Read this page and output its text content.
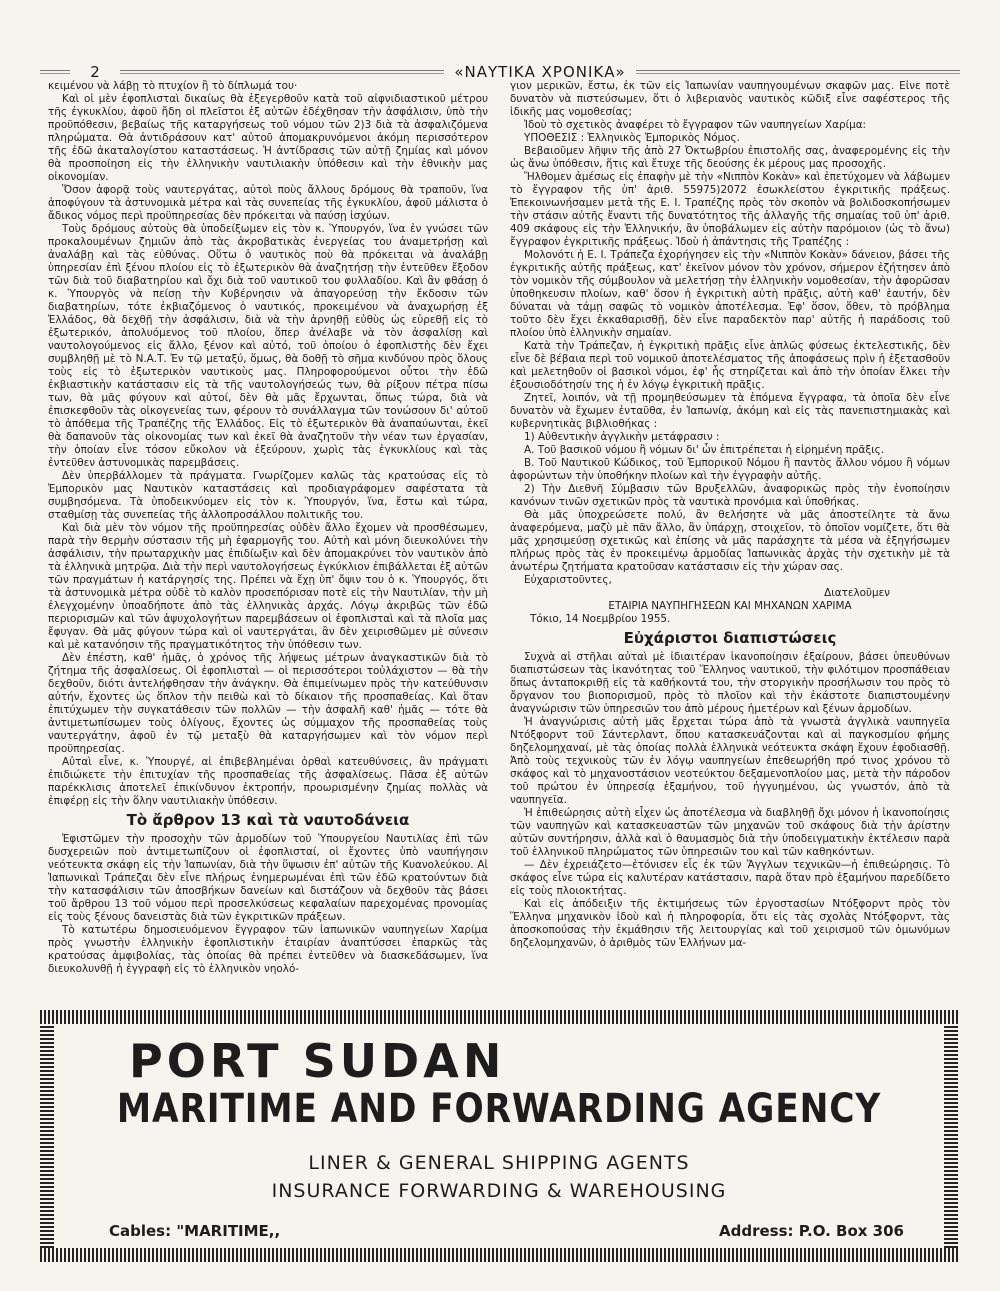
2	«ΝΑΥΤΙΚΑ ΧΡΟΝΙΚΑ»

κειμένου νὰ λάβῃ τὸ πτυχίον ἢ τὸ δίπλωμά του·

Καὶ οἱ μὲν ἐφοπλισταὶ δικαίως θὰ ἐξεγερθοῦν κατὰ τοῦ αἰφνιδιαστικοῦ μέτρου τῆς ἐγκυκλίου, ἀφοῦ ἤδη οἱ πλεῖστοι ἐξ αὐτῶν ἐδέχθησαν τὴν ἀσφάλισιν, ὑπὸ τὴν προϋπόθεσιν, βεβαίως τῆς καταργήσεως τοῦ νόμου τῶν 2)3 διὰ τὰ ἀσφαλιζόμενα πληρώματα. Θὰ ἀντιδράσουν κατ' αὐτοῦ ἀπομακρυνόμενοι ἀκόμη περισσότερον τῆς ἐδῶ ἀκαταλογίστου καταστάσεως. Ἡ ἀντίδρασις τῶν αὐτῇ ζημίας καὶ μόνον θὰ προσποίηση εἰς τὴν ἑλληνικὴν ναυτιλιακὴν ὑπόθεσιν καὶ τὴν ἐθνικὴν μας οἰκονομίαν.

Ὅσον ἀφορᾷ τοὺς ναυτεργάτας, αὐτοὶ ποὺς ἄλλους δρόμους θὰ τραποῦν, ἵνα ἀποφύγουν τὰ ἀστυνομικὰ μέτρα καὶ τὰς συνεπείας τῆς ἐγκυκλίου, ἀφοῦ μάλιστα ὁ ἄδικος νόμος περὶ προϋπηρεσίας δὲν πρόκειται νὰ παύσῃ ἰσχύων.

Τοὺς δρόμους αὐτοὺς θὰ ὑποδείξωμεν εἰς τὸν κ. Ὑπουργόν, ἵνα ἐν γνώσει τῶν προκαλουμένων ζημιῶν ἀπὸ τὰς ἀκροβατικὰς ἐνεργείας του ἀναμετρήσῃ καὶ ἀναλάβῃ καὶ τὰς εὐθύνας. Οὕτω ὁ ναυτικὸς ποὺ θὰ πρόκειται νὰ ἀναλάβῃ ὑπηρεσίαν ἐπὶ ξένου πλοίου εἰς τὸ ἐξωτερικὸν θὰ ἀναζητήσῃ τὴν ἐντεῦθεν ἔξοδον τῶν διὰ τοῦ διαβατηρίου καὶ ὄχι διὰ τοῦ ναυτικοῦ του φυλλαδίου. Καὶ ἂν φθάσῃ ὁ κ. Ὑπουργὸς νὰ πείσῃ τὴν Κυβέρνησιν νὰ ἀπαγορεύσῃ τὴν ἔκδοσιν τῶν διαβατηρίων, τότε ἐκβιαζόμενος ὁ ναυτικός, προκειμένου νὰ ἀναχωρήσῃ ἐξ Ἑλλάδος, θὰ δεχθῇ τὴν ἀσφάλισιν, διὰ νὰ τὴν ἀρνηθῇ εὐθὺς ὡς εὑρεθῇ εἰς τὸ ἐξωτερικόν, ἀπολυόμενος τοῦ πλοίου, ὅπερ ἀνέλαβε νὰ τὸν ἀσφαλίσῃ καὶ ναυτολογούμενος εἰς ἄλλο, ξένον καὶ αὐτό, τοῦ ὁποίου ὁ ἐφοπλιστὴς δὲν ἔχει συμβληθῇ μὲ τὸ Ν.Α.Τ. Ἐν τῷ μεταξύ, ὅμως, θὰ δοθῇ τὸ σῆμα κινδύνου πρὸς ὅλους τοὺς εἰς τὸ ἐξωτερικὸν ναυτικοὺς μας. Πληροφορούμενοι οὗτοι τὴν ἐδῶ ἐκβιαστικὴν κατάστασιν εἰς τὰ τῆς ναυτολογήσεώς των, θὰ ρίξουν πέτρα πίσω των, θὰ μᾶς φύγουν καὶ αὐτοί, δὲν θὰ μᾶς ἔρχωνται, ὅπως τώρα, διὰ νὰ ἐπισκεφθοῦν τὰς οἰκογενείας των, φέρουν τὸ συνάλλαγμα τῶν τονώσουν δι' αὐτοῦ τὸ ἀπόθεμα τῆς Τραπέζης τῆς Ἑλλάδος. Εἰς τὸ ἐξωτερικὸν θὰ ἀναπαύωνται, ἐκεῖ θὰ δαπανοῦν τὰς οἰκονομίας των καὶ ἐκεῖ θὰ ἀναζητοῦν τὴν νέαν των ἐργασίαν, τὴν ὁποίαν εἶνε τόσον εὔκολον νὰ ἐξεύρουν, χωρὶς τὰς ἐγκυκλίους καὶ τὰς ἐντεῦθεν ἀστυνομικὰς παρεμβάσεις.

Δὲν ὑπερβάλλομεν τὰ πράγματα. Γνωρίζομεν καλῶς τὰς κρατούσας εἰς τὸ Ἐμπορικὸν μας Ναυτικὸν καταστάσεις καὶ προδιαγράφομεν σαφέστατα τὰ συμβησόμενα. Τὰ ὑποδεικνύομεν εἰς τὸν κ. Ὑπουργόν, ἵνα, ἔστω καὶ τώρα, σταθμίσῃ τὰς συνεπείας τῆς ἀλλοπροσάλλου πολιτικῆς του.

Καὶ διὰ μὲν τὸν νόμον τῆς προϋπηρεσίας οὐδὲν ἄλλο ἔχομεν νὰ προσθέσωμεν, παρὰ τὴν θερμὴν σύστασιν τῆς μὴ ἐφαρμογῆς του. Αὐτὴ καὶ μόνη διευκολύνει τὴν ἀσφάλισιν, τὴν πρωταρχικὴν μας ἐπιδίωξιν καὶ δὲν ἀπομακρύνει τὸν ναυτικὸν ἀπὸ τὰ ἑλληνικὰ μητρῷα. Διὰ τὴν περὶ ναυτολογήσεως ἐγκύκλιον ἐπιβάλλεται ἐξ αὐτῶν τῶν πραγμάτων ἡ κατάργησίς της. Πρέπει νὰ ἔχῃ ὑπ' ὄψιν του ὁ κ. Ὑπουργός, ὅτι τὰ ἀστυνομικὰ μέτρα οὐδὲ τὸ καλὸν προσεπόρισαν ποτὲ εἰς τὴν Ναυτιλίαν, τὴν μὴ ἐλεγχομένην ὑποαδήποτε ἀπὸ τὰς ἑλληνικὰς ἀρχάς. Λόγῳ ἀκριβῶς τῶν ἐδῶ περιορισμῶν καὶ τῶν ἀψυχολογήτων παρεμβάσεων οἱ ἐφοπλισταὶ καὶ τὰ πλοῖα μας ἔφυγαν. Θὰ μᾶς φύγουν τώρα καὶ οἱ ναυτεργάται, ἂν δὲν χειρισθῶμεν μὲ σύνεσιν καὶ μὲ κατανόησιν τῆς πραγματικότητος τὴν ὑπόθεσιν των.

Δὲν ἐπέστη, καθ' ἡμᾶς, ὁ χρόνος τῆς λήψεως μέτρων ἀναγκαστικῶν διὰ τὸ ζήτημα τῆς ἀσφαλίσεως. Οἱ ἐφοπλισταὶ — οἱ περισσότεροι τοὐλάχιστον — θὰ τὴν δεχθοῦν, διότι ἀντελήφθησαν τὴν ἀνάγκην. Θὰ ἐπιμείνωμεν πρὸς τὴν κατεύθυνσιν αὐτήν, ἔχοντες ὡς ὅπλον τὴν πειθὼ καὶ τὸ δίκαιον τῆς προσπαθείας. Καὶ ὅταν ἐπιτύχωμεν τὴν συγκατάθεσιν τῶν πολλῶν — τὴν ἀσφαλῆ καθ' ἡμᾶς — τότε θὰ ἀντιμετωπίσωμεν τοὺς ὀλίγους, ἔχοντες ὡς σύμμαχον τῆς προσπαθείας τοὺς ναυτεργάτην, ἀφοῦ ἐν τῷ μεταξὺ θὰ καταργήσωμεν καὶ τὸν νόμον περὶ προϋπηρεσίας.

Αὐταὶ εἶνε, κ. Ὑπουργέ, αἱ ἐπιβεβλημέναι ὀρθαὶ κατευθύνσεις, ἂν πράγματι ἐπιδιώκετε τὴν ἐπιτυχίαν τῆς προσπαθείας τῆς ἀσφαλίσεως. Πᾶσα ἐξ αὐτῶν παρέκκλισις ἀποτελεῖ ἐπικίνδυνον ἐκτροπήν, προωρισμένην ζημίας πολλὰς νὰ ἐπιφέρῃ εἰς τὴν ὅλην ναυτιλιακὴν ὑπόθεσιν.

Τὸ ἄρθρον 13 καὶ τὰ ναυτοδάνεια

Ἐφιστῶμεν τὴν προσοχὴν τῶν ἁρμοδίων τοῦ Ὑπουργείου Ναυτιλίας ἐπὶ τῶν δυσχερειῶν ποὺ ἀντιμετωπίζουν οἱ ἐφοπλισταί, οἱ ἔχοντες ὑπὸ ναυπήγησιν νεότευκτα σκάφη εἰς τὴν Ἰαπωνίαν, διὰ τὴν ὕψωσιν ἐπ' αὐτῶν τῆς Κυανολεύκου. Αἱ Ἰαπωνικαὶ Τράπεζαι δὲν εἶνε πλήρως ἐνημερωμέναι ἐπὶ τῶν ἐδῶ κρατούντων διὰ τὴν κατασφάλισιν τῶν ἀποσβήκων δανείων καὶ διστάζουν νὰ δεχθοῦν τὰς βάσει τοῦ ἄρθρου 13 τοῦ νόμου περὶ προσελκύσεως κεφαλαίων παρεχομένας προνομίας εἰς τοὺς ξένους δανειστὰς διὰ τῶν ἐγκριτικῶν πράξεων.

Τὸ κατωτέρω δημοσιευόμενον ἔγγραφον τῶν ἰαπωνικῶν ναυπηγείων Χαρίμα πρὸς γνωστὴν ἑλληνικὴν ἐφοπλιστικὴν ἑταιρίαν ἀναπτύσσει ἐπαρκῶς τὰς κρατούσας ἀμφιβολίας, τὰς ὁποίας θὰ πρέπει ἐντεῦθεν νὰ διασκεδάσωμεν, ἵνα διευκολυνθῇ ἡ ἐγγραφὴ εἰς τὸ ἑλληνικὸν νηολό-

γιον μερικῶν, ἔστω, ἐκ τῶν εἰς Ἰαπωνίαν ναυπηγουμένων σκαφῶν μας. Εἶνε ποτὲ δυνατὸν νὰ πιστεύσωμεν, ὅτι ὁ λιβεριανὸς ναυτικὸς κῶδιξ εἶνε σαφέστερος τῆς ἰδικῆς μας νομοθεσίας;

Ἰδοὺ τὸ σχετικὸς ἀναφέρει τὸ ἔγγραφον τῶν ναυπηγείων Χαρίμα:

ΥΠΟΘΕΣΙΣ : Ἑλληνικὸς Ἐμπορικὸς Νόμος.

Βεβαιοῦμεν λῆψιν τῆς ἀπὸ 27 Ὀκτωβρίου ἐπιστολῆς σας, ἀναφερομένης εἰς τὴν ὡς ἄνω ὑπόθεσιν, ἥτις καὶ ἔτυχε τῆς δεούσης ἐκ μέρους μας προσοχῆς.

Ἤλθομεν ἀμέσως εἰς ἐπαφὴν μὲ τὴν «Νιππὸν Κοκὰν» καὶ ἐπετύχομεν νὰ λάβωμεν τὸ ἔγγραφον τῆς ὑπ' ἀριθ. 55975)2072 ἐσωκλείστου ἐγκριτικῆς πράξεως. Ἐπεκοινωνήσαμεν μετὰ τῆς Ε. Ι. Τραπέζης πρὸς τὸν σκοπὸν νὰ βολιδοσκοπήσωμεν τὴν στάσιν αὐτῆς ἔναντι τῆς δυνατότητος τῆς ἀλλαγῆς τῆς σημαίας τοῦ ὑπ' ἀριθ. 409 σκάφους εἰς τὴν Ἑλληνικήν, ἂν ὑποβάλωμεν εἰς αὐτὴν παρόμοιον (ὡς τὸ ἄνω) ἔγγραφον ἐγκριτικῆς πράξεως. Ἰδοὺ ἡ ἀπάντησις τῆς Τραπέζης :

Μολονότι ἡ Ε. Ι. Τράπεζα ἐχορήγησεν εἰς τὴν «Νιππὸν Κοκὰν» δάνειον, βάσει τῆς ἐγκριτικῆς αὐτῆς πράξεως, κατ' ἐκεῖνον μόνον τὸν χρόνον, σήμερον ἐζήτησεν ἀπὸ τὸν νομικὸν τῆς σύμβουλον νὰ μελετήσῃ τὴν ἑλληνικὴν νομοθεσίαν, τὴν ἀφορῶσαν ὑποθηκευσιν πλοίων, καθ' ὅσον ἡ ἐγκριτικὴ αὐτὴ πρᾶξις, αὐτὴ καθ' ἑαυτήν, δὲν δύναται νὰ τάμῃ σαφῶς τὸ νομικὸν ἀποτέλεσμα. Ἐφ' ὅσον, ὅθεν, τὸ πρόβλημα τοῦτο δὲν ἔχει ἐκκαθαρισθῇ, δὲν εἶνε παραδεκτὸν παρ' αὐτῆς ἡ παράδοσις τοῦ πλοίου ὑπὸ ἑλληνικὴν σημαίαν.

Κατὰ τὴν Τράπεζαν, ἡ ἐγκριτικὴ πρᾶξις εἶνε ἁπλῶς φύσεως ἐκτελεστικῆς, δὲν εἶνε δὲ βέβαια περὶ τοῦ νομικοῦ ἀποτελέσματος τῆς ἀποφάσεως πρὶν ἡ ἐξετασθοῦν καὶ μελετηθοῦν οἱ βασικοὶ νόμοι, ἐφ' ἧς στηρίζεται καὶ ἀπὸ τὴν ὁποίαν ἕλκει τὴν ἐξουσιοδότησίν της ἡ ἐν λόγῳ ἐγκριτικὴ πρᾶξις.

Ζητεῖ, λοιπόν, νὰ τῇ προμηθεύσωμεν τὰ ἑπόμενα ἔγγραφα, τὰ ὁποῖα δὲν εἶνε δυνατὸν νὰ ἔχωμεν ἐνταῦθα, ἐν Ἰαπωνίᾳ, ἀκόμη καὶ εἰς τὰς πανεπιστημιακὰς καὶ κυβερνητικὰς βιβλιοθήκας :

1) Αὐθεντικὴν ἀγγλικὴν μετάφρασιν :

Α. Τοῦ βασικοῦ νόμου ἢ νόμων δι' ὧν ἐπιτρέπεται ἡ εἰρημένη πρᾶξις.

Β. Τοῦ Ναυτικοῦ Κώδικος, τοῦ Ἐμπορικοῦ Νόμου ἢ παντὸς ἄλλου νόμου ἢ νόμων ἀφορώντων τὴν ὑποθήκην πλοίων καὶ τὴν ἐγγραφὴν αὐτῆς.

2) Τὴν Διεθνῆ Σύμβασιν τῶν Βρυξελλῶν, ἀναφορικῶς πρὸς τὴν ἑνοποίησιν κανόνων τινῶν σχετικῶν πρὸς τὰ ναυτικὰ προνόμια καὶ ὑποθήκας.

Θὰ μᾶς ὑποχρεώσετε πολύ, ἂν θελήσητε νὰ μᾶς ἀποστείλητε τὰ ἄνω ἀναφερόμενα, μαζὺ μὲ πᾶν ἄλλο, ἂν ὑπάρχῃ, στοιχεῖον, τὸ ὁποῖον νομίζετε, ὅτι θὰ μᾶς χρησιμεύσῃ σχετικῶς καὶ ἐπίσης νὰ μᾶς παράσχητε τὰ μέσα νὰ ἐξηγήσωμεν πλήρως πρὸς τὰς ἐν προκειμένῳ ἁρμοδίας Ἰαπωνικὰς ἀρχὰς τὴν σχετικὴν μὲ τὰ ἀνωτέρω ζητήματα κρατοῦσαν κατάστασιν εἰς τὴν χώραν σας.

Εὐχαριστοῦντες,

Διατελοῦμεν

ΕΤΑΙΡΙΑ ΝΑΥΠΗΓΗΣΕΩΝ ΚΑΙ ΜΗΧΑΝΩΝ ΧΑΡΙΜΑ

Τόκιο, 14 Νοεμβρίου 1955.

Εὐχάριστοι διαπιστώσεις

Συχνὰ αἱ στῆλαι αὐταὶ μὲ ἰδιαιτέραν ἱκανοποίησιν ἐξαίρουν, βάσει ὑπευθύνων διαπιστώσεων τὰς ἱκανότητας τοῦ Ἕλληνος ναυτικοῦ, τὴν φιλότιμον προσπάθειαν ὅπως ἀνταποκριθῇ εἰς τὰ καθήκοντά του, τὴν στοργικὴν προσήλωσιν του πρὸς τὸ ὄργανον του βιοπορισμοῦ, πρὸς τὸ πλοῖον καὶ τὴν ἑκάστοτε διαπιστουμένην ἀναγνώρισιν τῶν ὑπηρεσιῶν του ἀπὸ μέρους ἡμετέρων καὶ ξένων ἁρμοδίων.

Ἡ ἀναγνώρισις αὐτὴ μᾶς ἔρχεται τώρα ἀπὸ τὰ γνωστὰ ἀγγλικὰ ναυπηγεῖα Ντόξφορντ τοῦ Σάντερλαντ, ὅπου κατασκευάζονται καὶ αἱ παγκοσμίου φήμης δηζελομηχαναί, μὲ τὰς ὁποίας πολλὰ ἑλληνικὰ νεότευκτα σκάφη ἔχουν ἐφοδιασθῇ. Ἀπὸ τοὺς τεχνικοὺς τῶν ἐν λόγῳ ναυπηγείων ἐπεθεωρήθη πρό τινος χρόνου τὸ σκάφος καὶ τὸ μηχανοστάσιον νεοτεύκτου δεξαμενοπλοίου μας, μετὰ τὴν πάροδον τοῦ πρώτου ἐν ὑπηρεσίᾳ ἑξαμήνου, τοῦ ἠγγυημένου, ὡς γνωστόν, ἀπὸ τὰ ναυπηγεῖα.

Ἡ ἐπιθεώρησις αὐτὴ εἶχεν ὡς ἀποτέλεσμα νὰ διαβληθῇ ὄχι μόνον ἡ ἱκανοποίησις τῶν ναυπηγῶν καὶ κατασκευαστῶν τῶν μηχανῶν τοῦ σκάφους διὰ τὴν ἀρίστην αὐτῶν συντήρησιν, ἀλλὰ καὶ ὁ θαυμασμὸς διὰ τὴν ὑποδειγματικὴν ἐκτέλεσιν παρὰ τοῦ ἑλληνικοῦ πληρώματος τῶν ὑπηρεσιῶν του καὶ τῶν καθηκόντων.

— Δὲν ἐχρειάζετο—ἐτόνισεν εἷς ἐκ τῶν Ἄγγλων τεχνικῶν—ἡ ἐπιθεώρησις. Τὸ σκάφος εἶνε τώρα εἰς καλυτέραν κατάστασιν, παρὰ ὅταν πρὸ ἑξαμήνου παρεδίδετο εἰς τοὺς πλοιοκτήτας.

Καὶ εἰς ἀπόδειξιν τῆς ἐκτιμήσεως τῶν ἐργοστασίων Ντόξφορντ πρὸς τὸν Ἕλληνα μηχανικὸν ἰδοὺ καὶ ἡ πληροφορία, ὅτι εἰς τὰς σχολὰς Ντόξφορντ, τὰς ἀποσκοπούσας τὴν ἐκμάθησιν τῆς λειτουργίας καὶ τοῦ χειρισμοῦ τῶν ὁμωνύμων δηζελομηχανῶν, ὁ ἀριθμὸς τῶν Ἑλλήνων μα-

PORT SUDAN
MARITIME AND FORWARDING AGENCY
LINER & GENERAL SHIPPING AGENTS
INSURANCE FORWARDING & WAREHOUSING
Cables: "MARITIME,,	Address: P.O. Box 306
